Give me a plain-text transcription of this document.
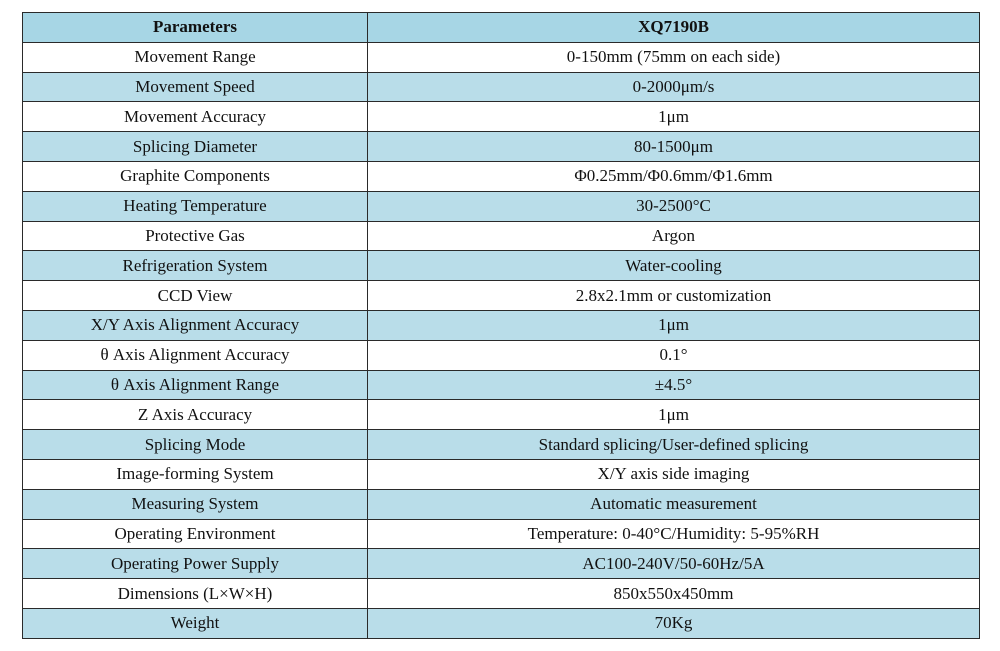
Parameters	XQ7190B
Movement Range	0-150mm (75mm on each side)
Movement Speed	0-2000μm/s
Movement Accuracy	1μm
Splicing Diameter	80-1500μm
Graphite Components	Φ0.25mm/Φ0.6mm/Φ1.6mm
Heating Temperature	30-2500°C
Protective Gas	Argon
Refrigeration System	Water-cooling
CCD View	2.8x2.1mm or customization
X/Y Axis Alignment Accuracy	1μm
θ Axis Alignment Accuracy	0.1°
θ Axis Alignment Range	±4.5°
Z Axis Accuracy	1μm
Splicing Mode	Standard splicing/User-defined splicing
Image-forming System	X/Y axis side imaging
Measuring System	Automatic measurement
Operating Environment	Temperature: 0-40°C/Humidity: 5-95%RH
Operating Power Supply	AC100-240V/50-60Hz/5A
Dimensions (L×W×H)	850x550x450mm
Weight	70Kg
